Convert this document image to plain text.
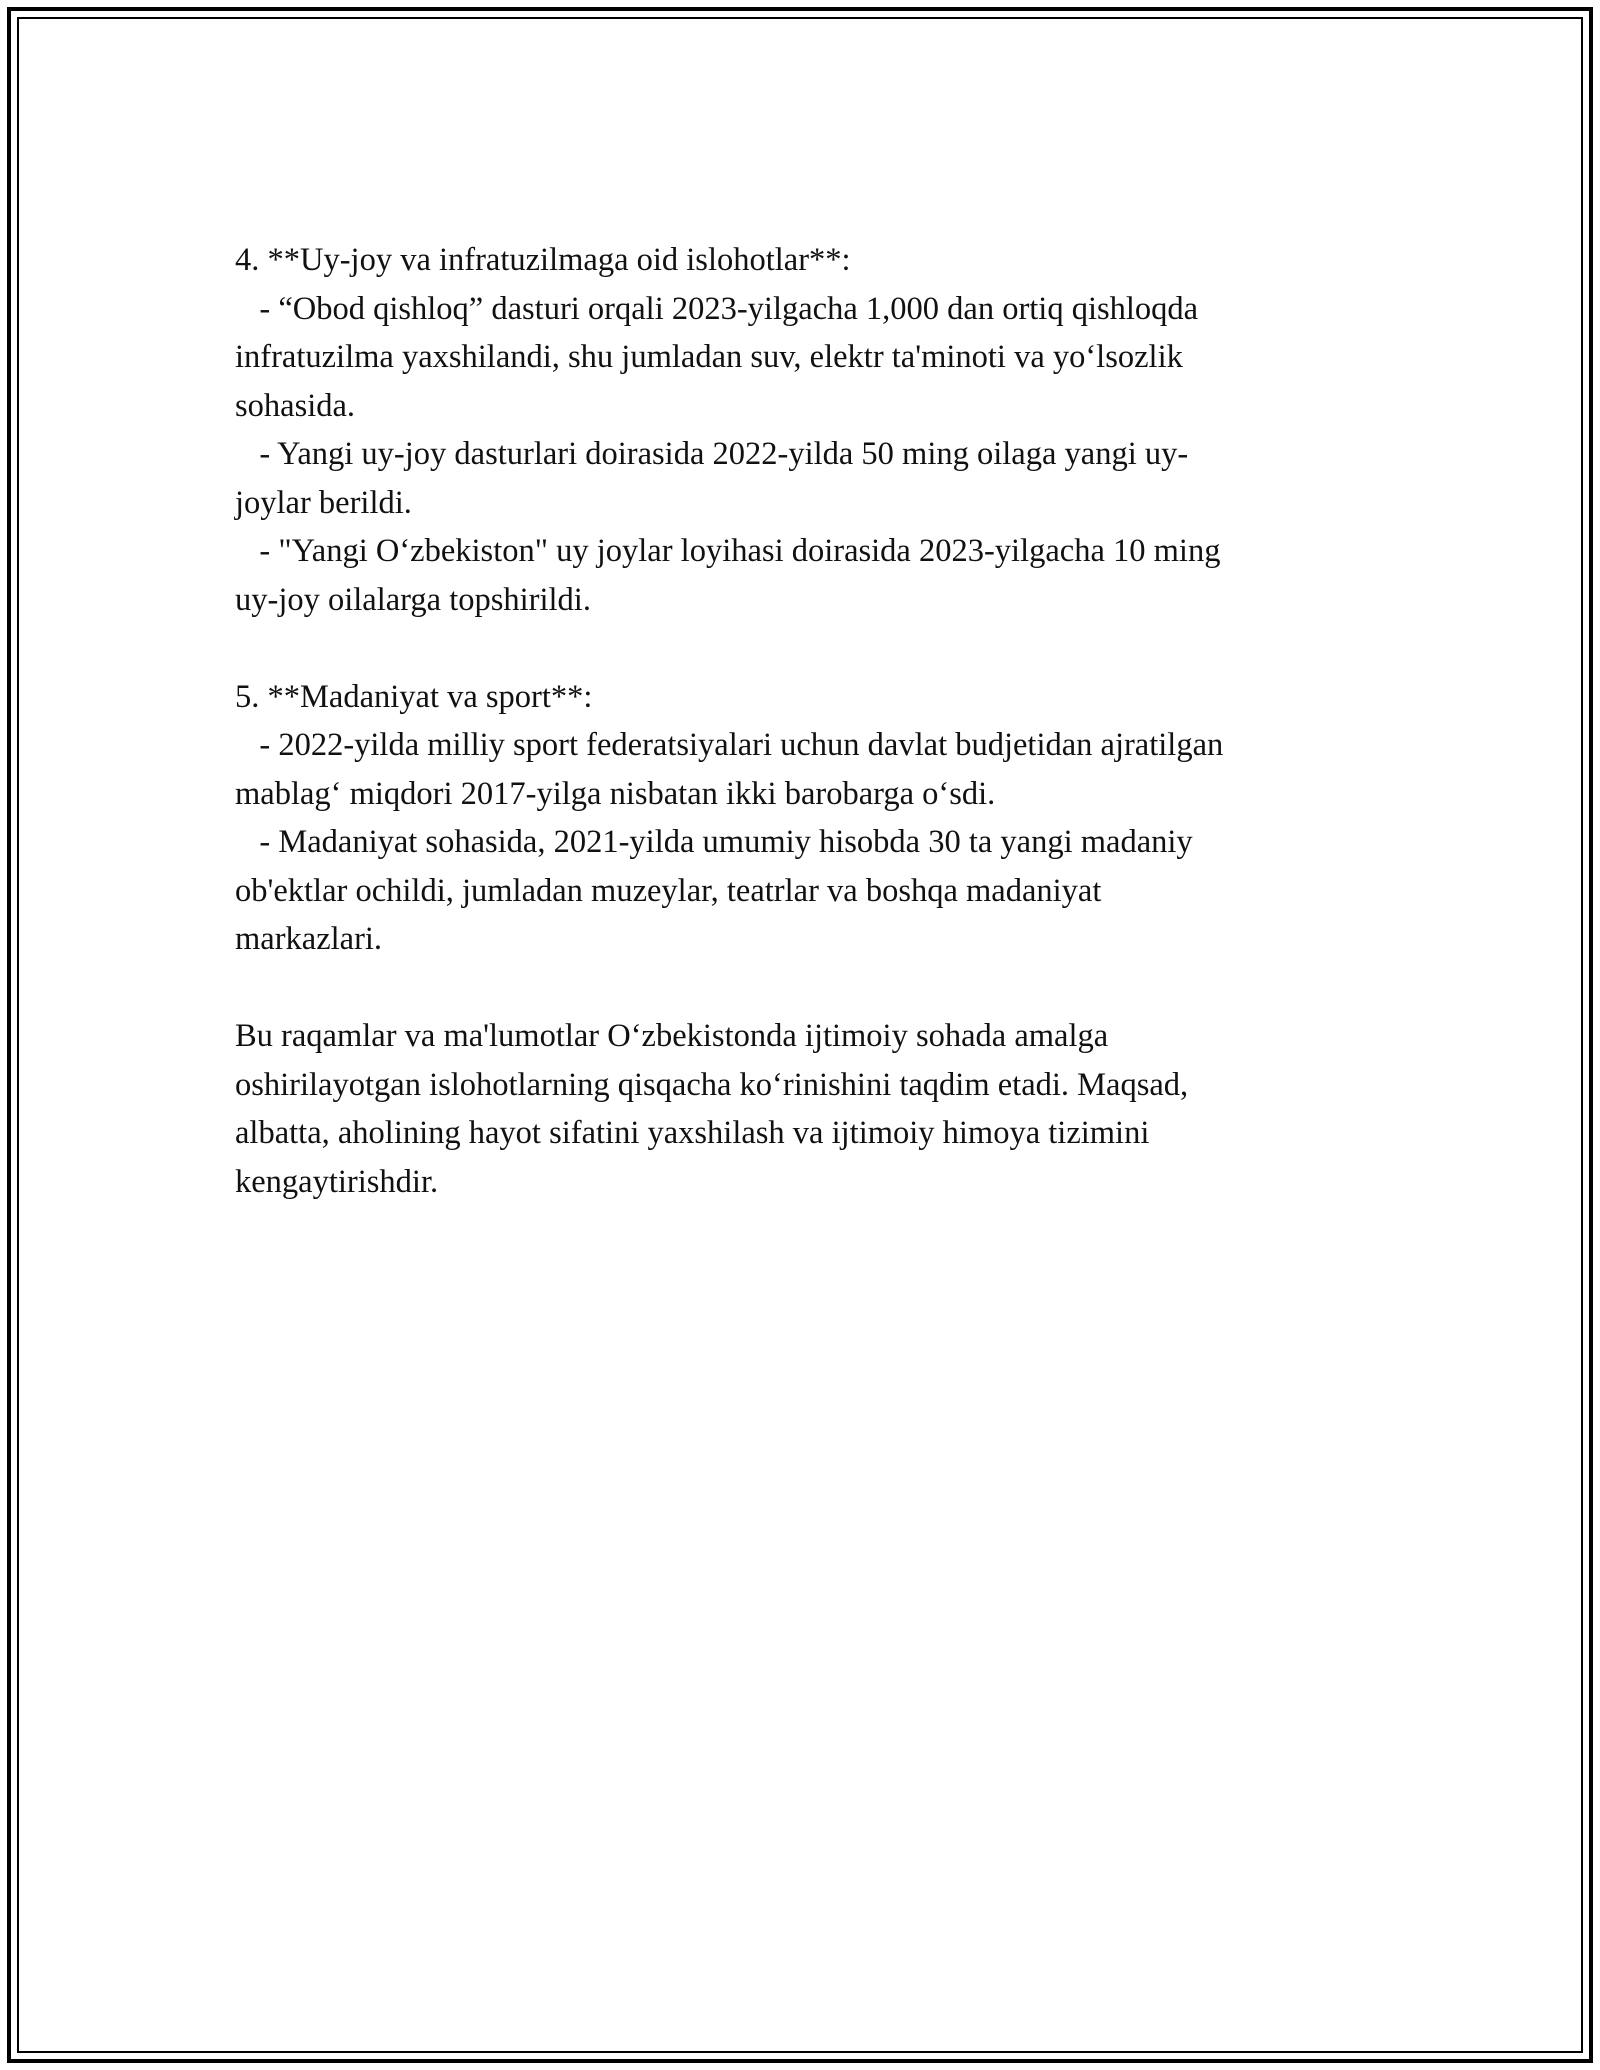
4. **Uy-joy va infratuzilmaga oid islohotlar**:
- “Obod qishloq” dasturi orqali 2023-yilgacha 1,000 dan ortiq qishloqda
infratuzilma yaxshilandi, shu jumladan suv, elektr ta'minoti va yoʻlsozlik
sohasida.
- Yangi uy-joy dasturlari doirasida 2022-yilda 50 ming oilaga yangi uy-
joylar berildi.
- "Yangi Oʻzbekiston" uy joylar loyihasi doirasida 2023-yilgacha 10 ming
uy-joy oilalarga topshirildi.
5. **Madaniyat va sport**:
- 2022-yilda milliy sport federatsiyalari uchun davlat budjetidan ajratilgan
mablagʻ miqdori 2017-yilga nisbatan ikki barobarga oʻsdi.
- Madaniyat sohasida, 2021-yilda umumiy hisobda 30 ta yangi madaniy
ob'ektlar ochildi, jumladan muzeylar, teatrlar va boshqa madaniyat
markazlari.
Bu raqamlar va ma'lumotlar Oʻzbekistonda ijtimoiy sohada amalga
oshirilayotgan islohotlarning qisqacha koʻrinishini taqdim etadi. Maqsad,
albatta, aholining hayot sifatini yaxshilash va ijtimoiy himoya tizimini
kengaytirishdir.
